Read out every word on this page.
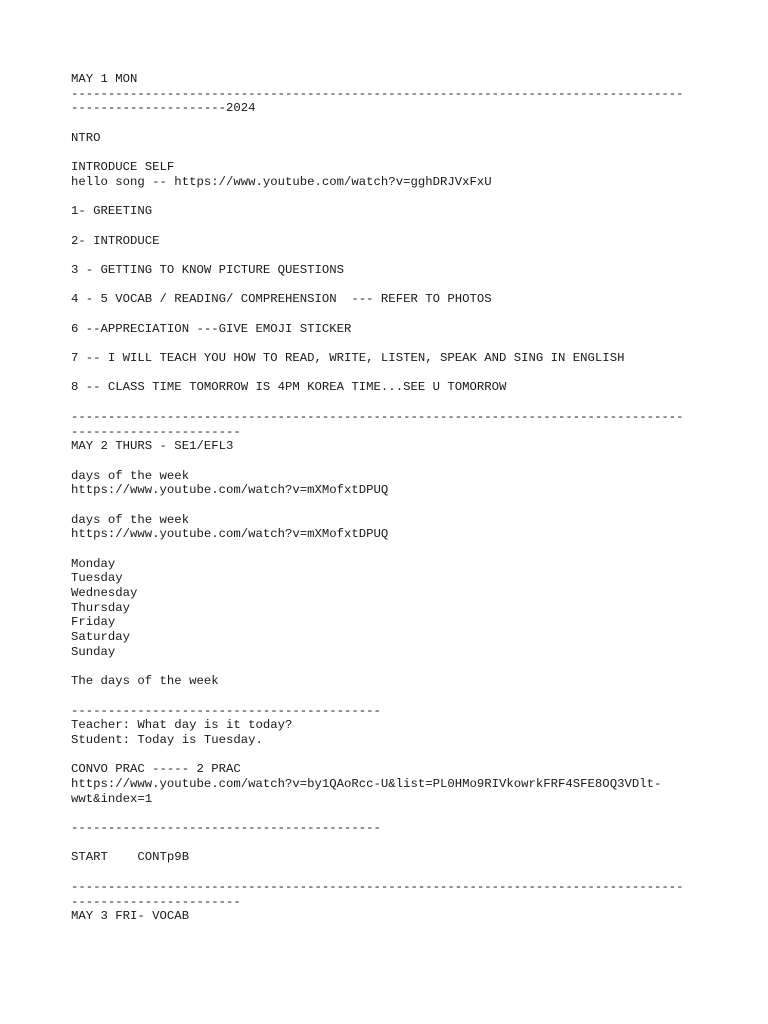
MAY 1 MON
-----------------------------------------------------------------------------------
---------------------2024
NTRO
INTRODUCE SELF
hello song -- https://www.youtube.com/watch?v=gghDRJVxFxU
1- GREETING
2- INTRODUCE
3 - GETTING TO KNOW PICTURE QUESTIONS
4 - 5 VOCAB / READING/ COMPREHENSION  --- REFER TO PHOTOS
6 --APPRECIATION ---GIVE EMOJI STICKER
7 -- I WILL TEACH YOU HOW TO READ, WRITE, LISTEN, SPEAK AND SING IN ENGLISH
8 -- CLASS TIME TOMORROW IS 4PM KOREA TIME...SEE U TOMORROW
-----------------------------------------------------------------------------------
-----------------------
MAY 2 THURS - SE1/EFL3
days of the week
https://www.youtube.com/watch?v=mXMofxtDPUQ
days of the week
https://www.youtube.com/watch?v=mXMofxtDPUQ
Monday
Tuesday
Wednesday
Thursday
Friday
Saturday
Sunday
The days of the week
------------------------------------------
Teacher: What day is it today?
Student: Today is Tuesday.
CONVO PRAC ----- 2 PRAC
https://www.youtube.com/watch?v=by1QAoRcc-U&list=PL0HMo9RIVkowrkFRF4SFE8OQ3VDlt-
wwt&index=1
------------------------------------------
START    CONTp9B
-----------------------------------------------------------------------------------
-----------------------
MAY 3 FRI- VOCAB
